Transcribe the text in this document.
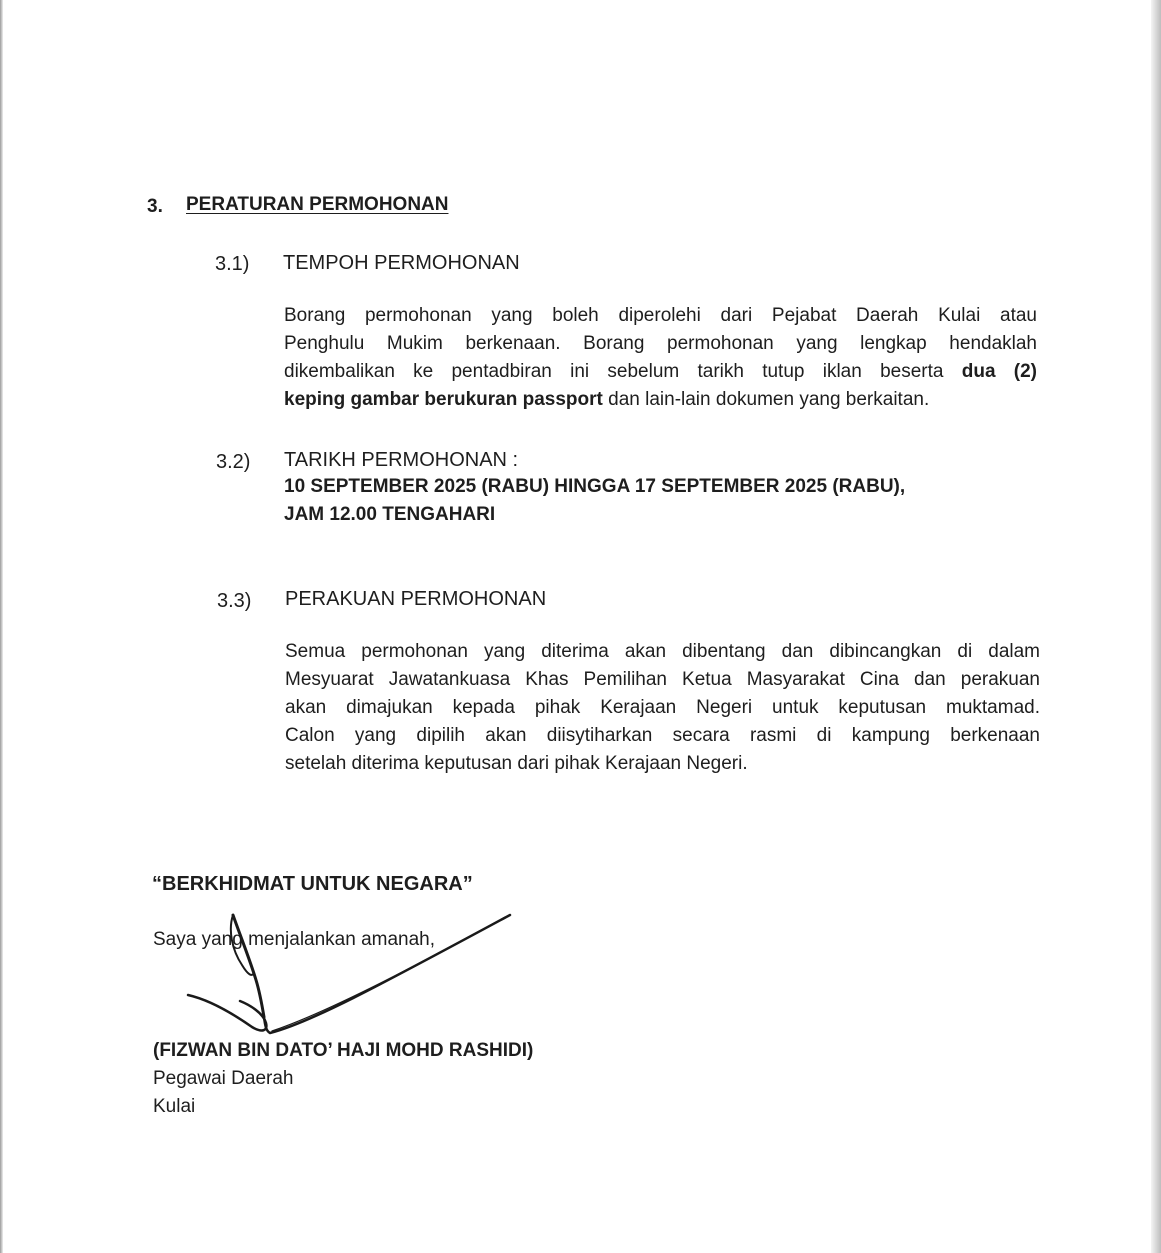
3. PERATURAN PERMOHONAN
3.1) TEMPOH PERMOHONAN
Borang permohonan yang boleh diperolehi dari Pejabat Daerah Kulai atau
Penghulu Mukim berkenaan. Borang permohonan yang lengkap hendaklah
dikembalikan ke pentadbiran ini sebelum tarikh tutup iklan beserta dua (2)
keping gambar berukuran passport dan lain-lain dokumen yang berkaitan.
3.2) TARIKH PERMOHONAN :
10 SEPTEMBER 2025 (RABU) HINGGA 17 SEPTEMBER 2025 (RABU),
JAM 12.00 TENGAHARI
3.3) PERAKUAN PERMOHONAN
Semua permohonan yang diterima akan dibentang dan dibincangkan di dalam
Mesyuarat Jawatankuasa Khas Pemilihan Ketua Masyarakat Cina dan perakuan
akan dimajukan kepada pihak Kerajaan Negeri untuk keputusan muktamad.
Calon yang dipilih akan diisytiharkan secara rasmi di kampung berkenaan
setelah diterima keputusan dari pihak Kerajaan Negeri.
“BERKHIDMAT UNTUK NEGARA”
Saya yang menjalankan amanah,
(FIZWAN BIN DATO’ HAJI MOHD RASHIDI)
Pegawai Daerah
Kulai
